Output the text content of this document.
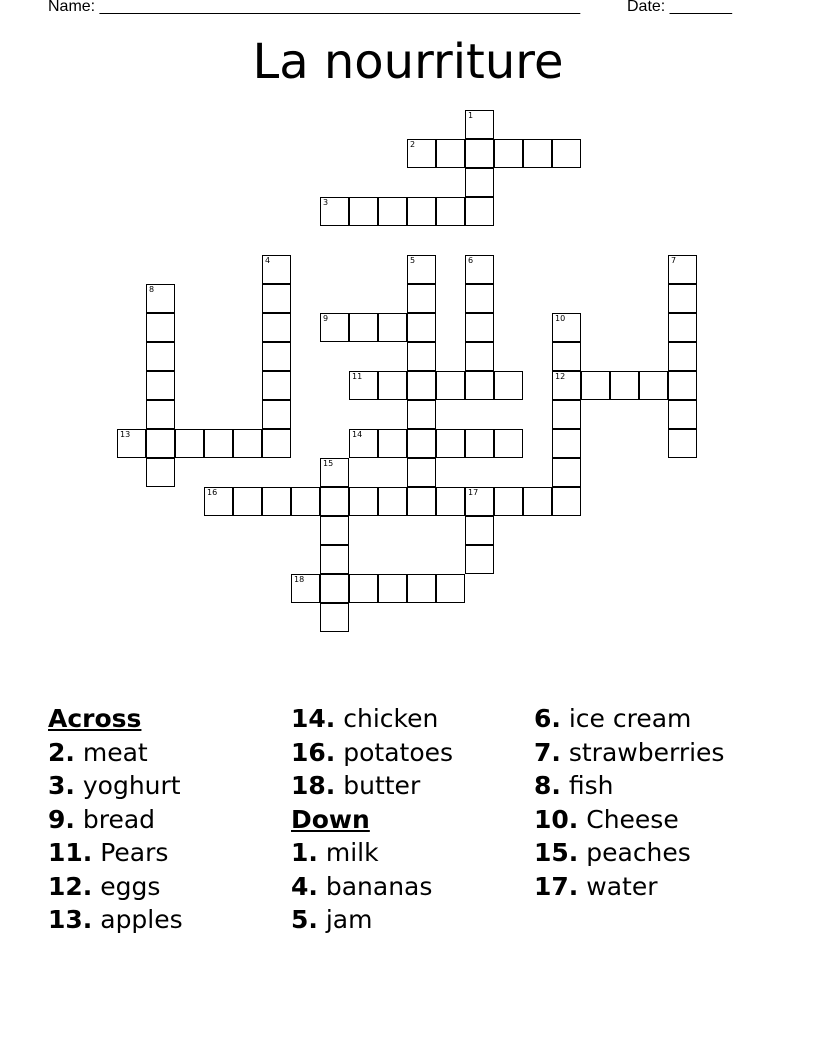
Name: ______________________________________________________	Date: _______
La nourriture
1
2
3
4	5	6	7
8
9	10
11	12
13	14
15
16	17
18
Across
2. meat
3. yoghurt
9. bread
11. Pears
12. eggs
13. apples
14. chicken
16. potatoes
18. butter
Down
1. milk
4. bananas
5. jam
6. ice cream
7. strawberries
8. fish
10. Cheese
15. peaches
17. water
